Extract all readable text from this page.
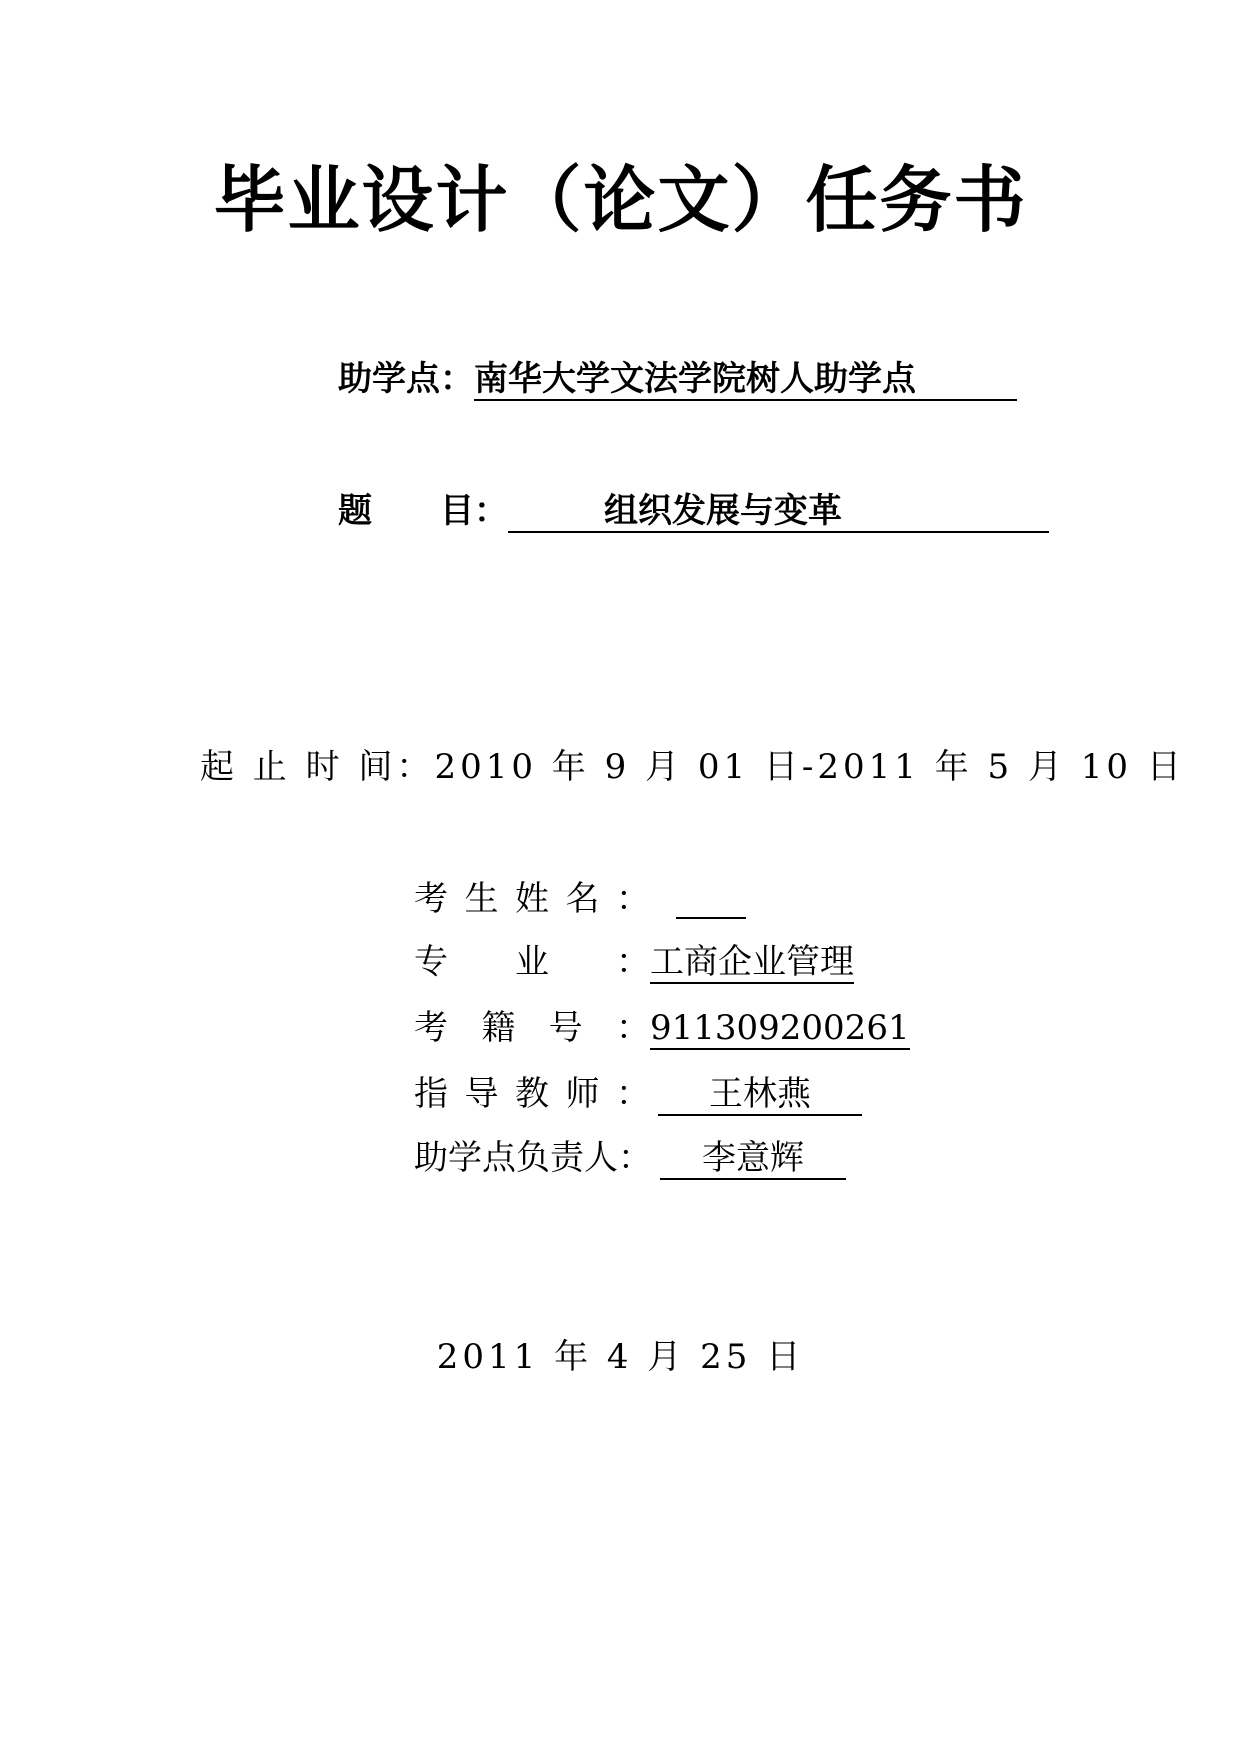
毕业设计（论文）任务书
助学点：南华大学文法学院树人助学点
题　　目：	组织发展与变革
起 止 时 间：2010 年 9 月 01 日-2011 年 5 月 10 日
考生姓名：
专业：工商企业管理
考籍号：911309200261
指导教师： 王林燕
助学点负责人： 李意辉
2011 年 4 月 25 日
